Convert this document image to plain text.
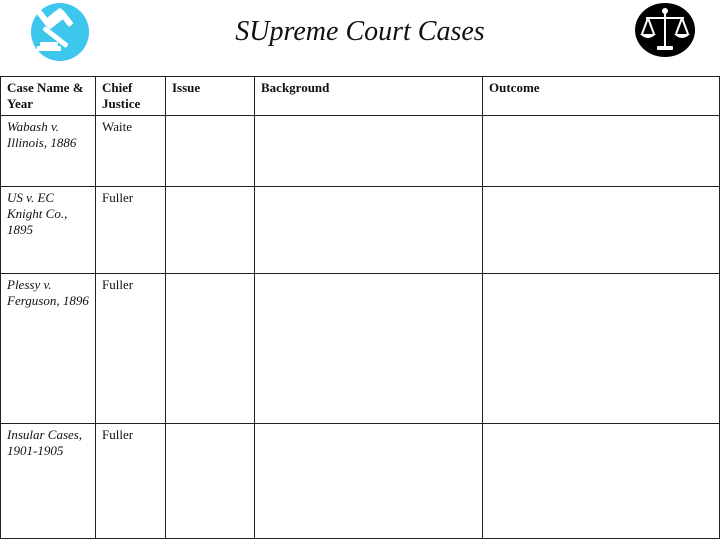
SUpreme Court Cases
Case Name & Year	Chief Justice	Issue	Background	Outcome
Wabash v. Illinois, 1886	Waite			
US v. EC Knight Co., 1895	Fuller			
Plessy v. Ferguson, 1896	Fuller			
Insular Cases, 1901-1905	Fuller			
